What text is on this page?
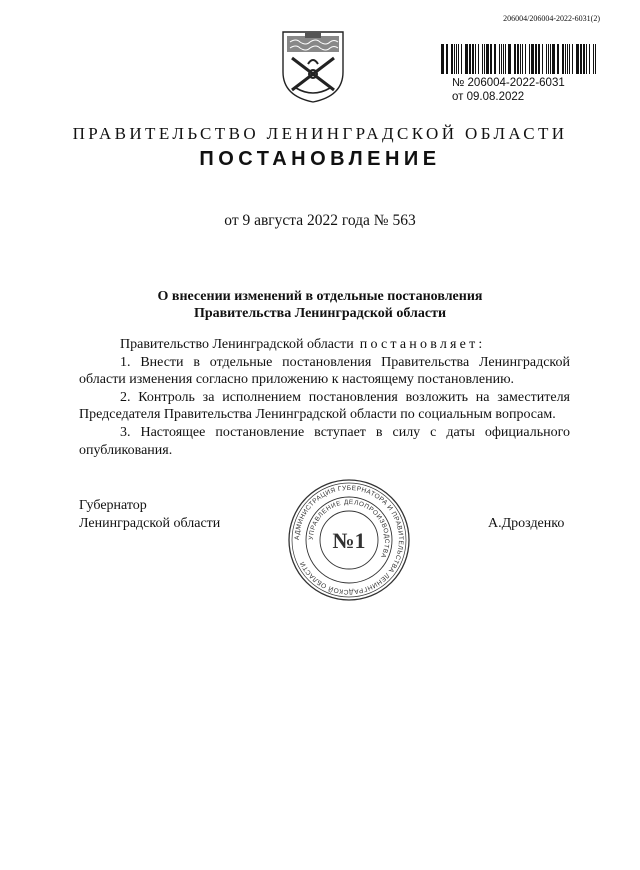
206004/206004-2022-6031(2)
№ 206004-2022-6031
от 09.08.2022
ПРАВИТЕЛЬСТВО ЛЕНИНГРАДСКОЙ ОБЛАСТИ
ПОСТАНОВЛЕНИЕ
от 9 августа 2022 года № 563
О внесении изменений в отдельные постановления
Правительства Ленинградской области

Правительство Ленинградской области постановляет:

1. Внести в отдельные постановления Правительства Ленинградской области изменения согласно приложению к настоящему постановлению.

2. Контроль за исполнением постановления возложить на заместителя Председателя Правительства Ленинградской области по социальным вопросам.

3. Настоящее постановление вступает в силу с даты официального опубликования.

Губернатор
Ленинградской области	А.Дрозденко
АДМИНИСТРАЦИЯ ГУБЕРНАТОРА И ПРАВИТЕЛЬСТВА ЛЕНИНГРАДСКОЙ ОБЛАСТИ
УПРАВЛЕНИЕ ДЕЛОПРОИЗВОДСТВА
№1
